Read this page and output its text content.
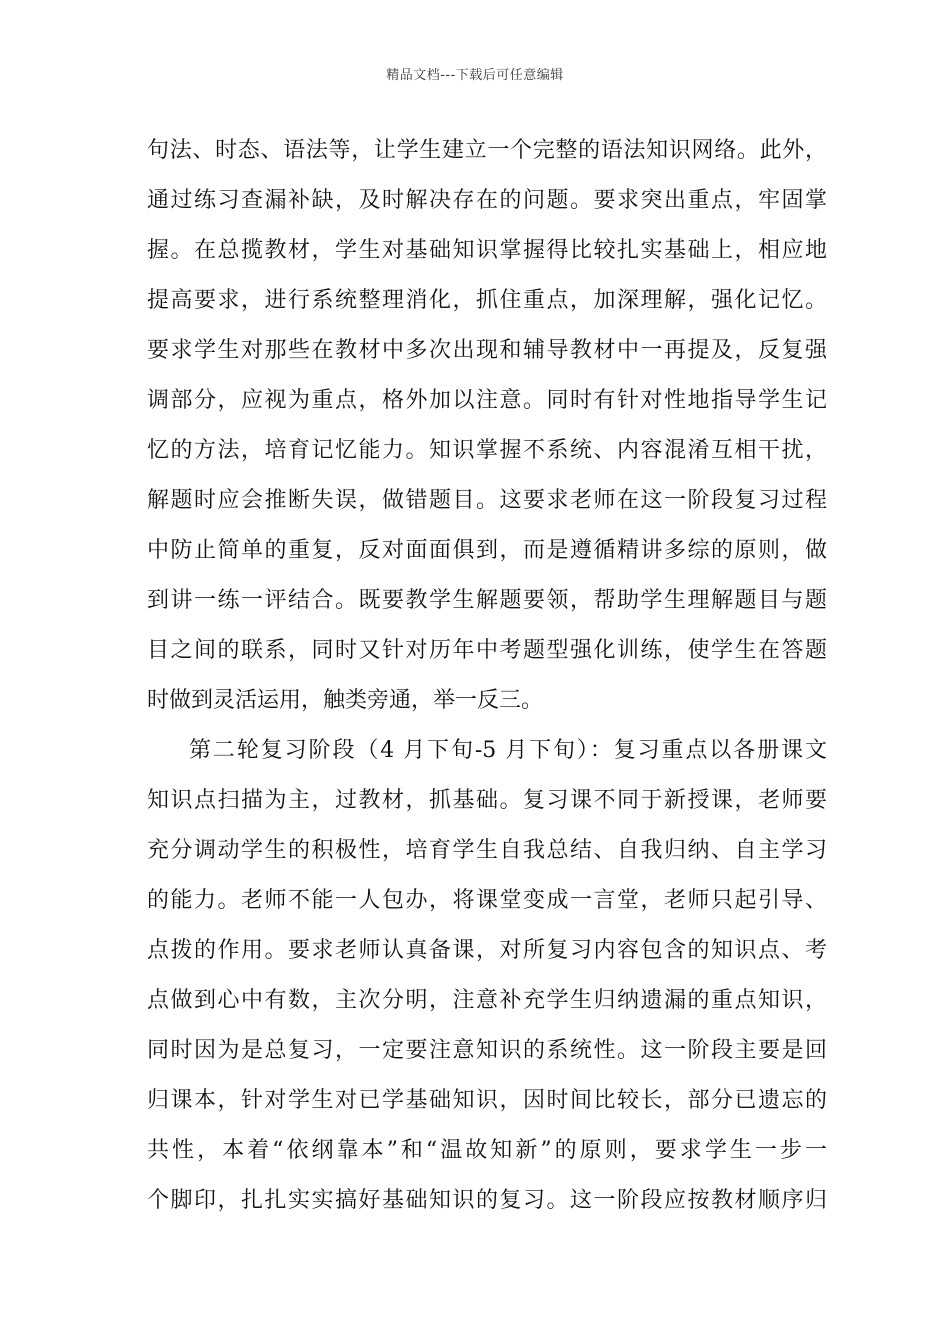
精品文档---下载后可任意编辑
句法、时态、语法等，让学生建立一个完整的语法知识网络。此外，
通过练习查漏补缺，及时解决存在的问题。要求突出重点，牢固掌
握。在总揽教材，学生对基础知识掌握得比较扎实基础上，相应地
提高要求，进行系统整理消化，抓住重点，加深理解，强化记忆。
要求学生对那些在教材中多次出现和辅导教材中一再提及，反复强
调部分，应视为重点，格外加以注意。同时有针对性地指导学生记
忆的方法，培育记忆能力。知识掌握不系统、内容混淆互相干扰，
解题时应会推断失误，做错题目。这要求老师在这一阶段复习过程
中防止简单的重复，反对面面俱到，而是遵循精讲多综的原则，做
到讲一练一评结合。既要教学生解题要领，帮助学生理解题目与题
目之间的联系，同时又针对历年中考题型强化训练，使学生在答题
时做到灵活运用，触类旁通，举一反三。
第二轮复习阶段（4 月下旬-5 月下旬）：复习重点以各册课文
知识点扫描为主，过教材，抓基础。复习课不同于新授课，老师要
充分调动学生的积极性，培育学生自我总结、自我归纳、自主学习
的能力。老师不能一人包办，将课堂变成一言堂，老师只起引导、
点拨的作用。要求老师认真备课，对所复习内容包含的知识点、考
点做到心中有数，主次分明，注意补充学生归纳遗漏的重点知识，
同时因为是总复习，一定要注意知识的系统性。这一阶段主要是回
归课本，针对学生对已学基础知识，因时间比较长，部分已遗忘的
共性，本着“依纲靠本”和“温故知新”的原则，要求学生一步一
个脚印，扎扎实实搞好基础知识的复习。这一阶段应按教材顺序归
